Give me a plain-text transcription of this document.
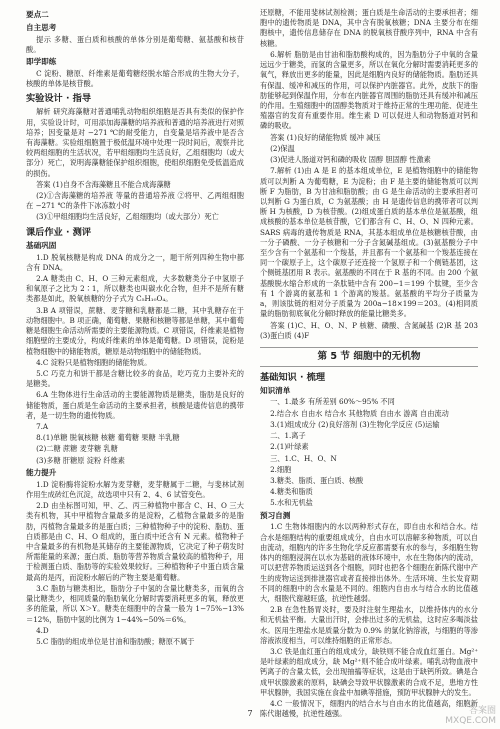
要点二
自主思考

提示 多糖、蛋白质和核酸的单体分别是葡萄糖、氨基酸和核苷酸。

即学即练

C 淀粉、糖原、纤维素是葡萄糖经脱水缩合形成的生物大分子，核酸的单体是核苷酸。

实验设计 · 指导

解析 研究海藻糖对普通哺乳动物组织细胞是否具有类似的保护作用，实验设计时，可用添加海藻糖的培养液和普通的培养液进行对照培养；因变量是对 −271 ℃的耐受能力，自变量是培养液中是否含有海藻糖。实验组细胞置于极低温环境中处理一段时间后，观察并比较两组细胞的生活状况，若甲组细胞均生活良好，乙组细胞均（或大部分）死亡，说明海藻糖能保护组织细胞，使组织细胞免受低温造成的损伤。

答案 (1)自身不含海藻糖且不能合成海藻糖

(2)①含海藻糖的培养液 等量的普通培养液 ②将甲、乙两组细胞在 −271 ℃的条件下冰冻数小时

(3)①甲组细胞均生活良好，乙组细胞均（或大部分）死亡

课后作业 · 测评
基础巩固

1.D 脱氧核糖是构成 DNA 的成分之一，题干所列四种生物中都含有 DNA。

2.A 糖类由 C、H、O 三种元素组成，大多数糖类分子中氢原子和氧原子之比为 2∶1，所以糖类也叫碳水化合物，但并不是所有糖类都是如此，脱氧核糖的分子式为 C₅H₁₀O₄。

3.B A 项错误，蔗糖、麦芽糖和乳糖都是二糖，其中乳糖存在于动物细胞中。B 项正确，葡萄糖、果糖和核糖等都是单糖，其中葡萄糖是细胞生命活动所需要的主要能源物质。C 项错误，纤维素是植物细胞壁的主要成分，构成纤维素的单体是葡萄糖。D 项错误，淀粉是植物细胞中的储能物质，糖原是动物细胞中的储能物质。

4.C 淀粉只是植物细胞的储能物质。

5.C 巧克力和饼干都是含糖比较多的食品，吃巧克力主要补充的是糖类。

6.A 生物体进行生命活动的主要能源物质是糖类，脂肪是良好的储能物质，蛋白质是生命活动的主要承担者，核酸是遗传信息的携带者，是一切生物的遗传物质。

7.A

8.(1)单糖 脱氧核糖 核糖 葡萄糖 果糖 半乳糖

(2)二糖 蔗糖 麦芽糖 乳糖

(3)多糖 肝糖原 淀粉 纤维素

能力提升

1.D 淀粉酶将淀粉水解为麦芽糖，麦芽糖属于二糖，与斐林试剂作用生成砖红色沉淀，故选项中只有 2、4、6 试管变色。

2.D 由坐标图可知，甲、乙、丙三种植物中都含 C、H、O 三大类有机物，其中甲植物含量最多的是淀粉，乙植物含量最多的是脂肪，丙植物含量最多的是蛋白质；三种植物种子中的淀粉、脂肪、蛋白质都是由 C、H、O 组成的，蛋白质中还含有 N 元素。植物种子中含量最多的有机物是其储存的主要能源物质，它决定了种子萌发时所需能量的来源；蛋白质、脂肪等营养物质含量较高的植物种子，用于检测蛋白质、脂肪等的实验效果较好。三种植物种子中蛋白质含量最高的是丙，而淀粉水解后的产物主要是葡萄糖。

3.C 脂肪与糖类相比，脂肪分子中氢的含量比糖类多，而氧的含量比糖类少，相同质量的脂肪氧化分解时需要消耗更多的氧，释放更多的能量，所以 X＞Y。糖类在细胞中的含量一般为 1−75%−13%＝12%，脂肪中氢的比例为 1−44%−50%＝6%。

4.D

5.C 脂肪的组成单位是甘油和脂肪酸；糖原不属于

还原糖，不能用斐林试剂检测；蛋白质是生命活动的主要承担者；细胞中的遗传物质是 DNA，其中含有脱氧核糖；DNA 主要分布在细胞核中，遗传信息储存在 DNA 的脱氧核苷酸序列中，RNA 中含有核糖。

6.解析 脂肪是由甘油和脂肪酸构成的，因为脂肪分子中氧的含量远远少于糖类，而氢的含量更多，所以在氧化分解时需要消耗更多的氧气，释放出更多的能量，因此是细胞内良好的储能物质。脂肪还具有保温、缓冲和减压的作用，可以保护内脏器官。此外，皮肤下的脂肪能够起到保温作用，分布在内脏器官周围的脂肪还具有缓冲和减压的作用。生殖细胞中的固醇类物质对于维持正常的生理功能、促进生殖器官的发育有重要作用。维生素 D 可以促进人和动物肠道对钙和磷的吸收。

答案 (1)良好的储能物质 缓冲 减压

(2)保温

(3)促进人肠道对钙和磷的吸收 固醇 胆固醇 性激素

7.解析 (1)由 A 是 E 的基本组成单位，E 是植物细胞中的储能物质可以判断 A 为葡萄糖，E 为淀粉；由 F 是主要的储能物质可以判断 F 为脂肪，B 为甘油和脂肪酸；由 G 是生命活动的主要承担者可以判断 G 为蛋白质，C 为氨基酸；由 H 是遗传信息的携带者可以判断 H 为核酸，D 为核苷酸。(2)组成蛋白质的基本单位是氨基酸，组成核酸的基本单位是核苷酸，它们都含有 C、H、O、N 四种元素。SARS 病毒的遗传物质是 RNA，其基本组成单位是核糖核苷酸，由一分子磷酸、一分子核糖和一分子含氮碱基组成。(3)氨基酸分子中至少含有一个氨基和一个羧基，并且都有一个氨基和一个羧基连接在同一个碳原子上，这个碳原子还连接一个氢原子和一个侧链基团，这个侧链基团用 R 表示。氨基酸的不同在于 R 基的不同。由 200 个氨基酸脱水缩合形成的一条肽链中含有 200−1＝199 个肽键，至少含有 1 个游离的氨基和 1 个游离的羧基。氨基酸的平均分子质量为 a，则该肽链的相对分子质量为 200a−18×199＝203。(4)相同质量的脂肪彻底氧化分解时释放的能量比糖类多。

答案 (1)C、H、O、N、P 核糖、磷酸、含氮碱基 (2)R 基 203 (3)蛋白质 (4)F

第 5 节 细胞中的无机物
基础知识 · 梳理
知识清单

一、1.最多 有所差别 60%～95% 不同

2.结合水 自由水 结合水 其他物质 自由水 游离 自由流动

3.(1)组成成分 (2)良好溶剂 (3)生物化学反应 (5)运输

二、1.离子

2.(1)叶绿素

三、1.C、H、O、N

2.细胞

3.糖类、脂质、蛋白质、核酸

4.糖类和脂质

5.水和无机盐

预习自测

1.C 生物体细胞内的水以两种形式存在，即自由水和结合水。结合水是细胞结构的重要组成成分，自由水可以溶解多种物质，可以自由流动，细胞内的许多生物化学反应都需要有水的参与，多细胞生物体内的细胞浸润在以水为基础的液体环境中，水在生物体内的流动，可以把营养物质运送到各个细胞，同时也把各个细胞在新陈代谢中产生的废物运送到排泄器官或者直接排出体外。生活环境、生长发育期不同的细胞中的含水量是不同的。细胞内自由水与结合水的比值越大，细胞代谢越旺盛，抗逆性越弱。

2.B 在急性肠胃炎时，要及时注射生理盐水，以维持体内的水分和无机盐平衡。大量出汗时，会排出过多的无机盐，这时应多喝淡盐水。医用生理盐水是质量分数为 0.9% 的氯化钠溶液，与细胞的等渗溶液浓度相当，可以维持细胞的正常形态。

3.C 铁是血红蛋白的组成成分，缺铁则不能合成血红蛋白。Mg²⁺是叶绿素的组成成分，缺 Mg²⁺则不能合成叶绿素。哺乳动物血液中钙离子的含量太低，会出现抽搐等症状，这是由于缺钙所致。碘是合成甲状腺激素的原料，缺碘会导致甲状腺激素的合成不足，患地方性甲状腺肿，我国实施在食盐中加碘等措施，预防甲状腺肿大的发生。

4.C 一般情况下，细胞内的结合水与自由水的比值越高，细胞新陈代谢越慢，抗逆性越强。

7	答案圈
MXQE.COM
